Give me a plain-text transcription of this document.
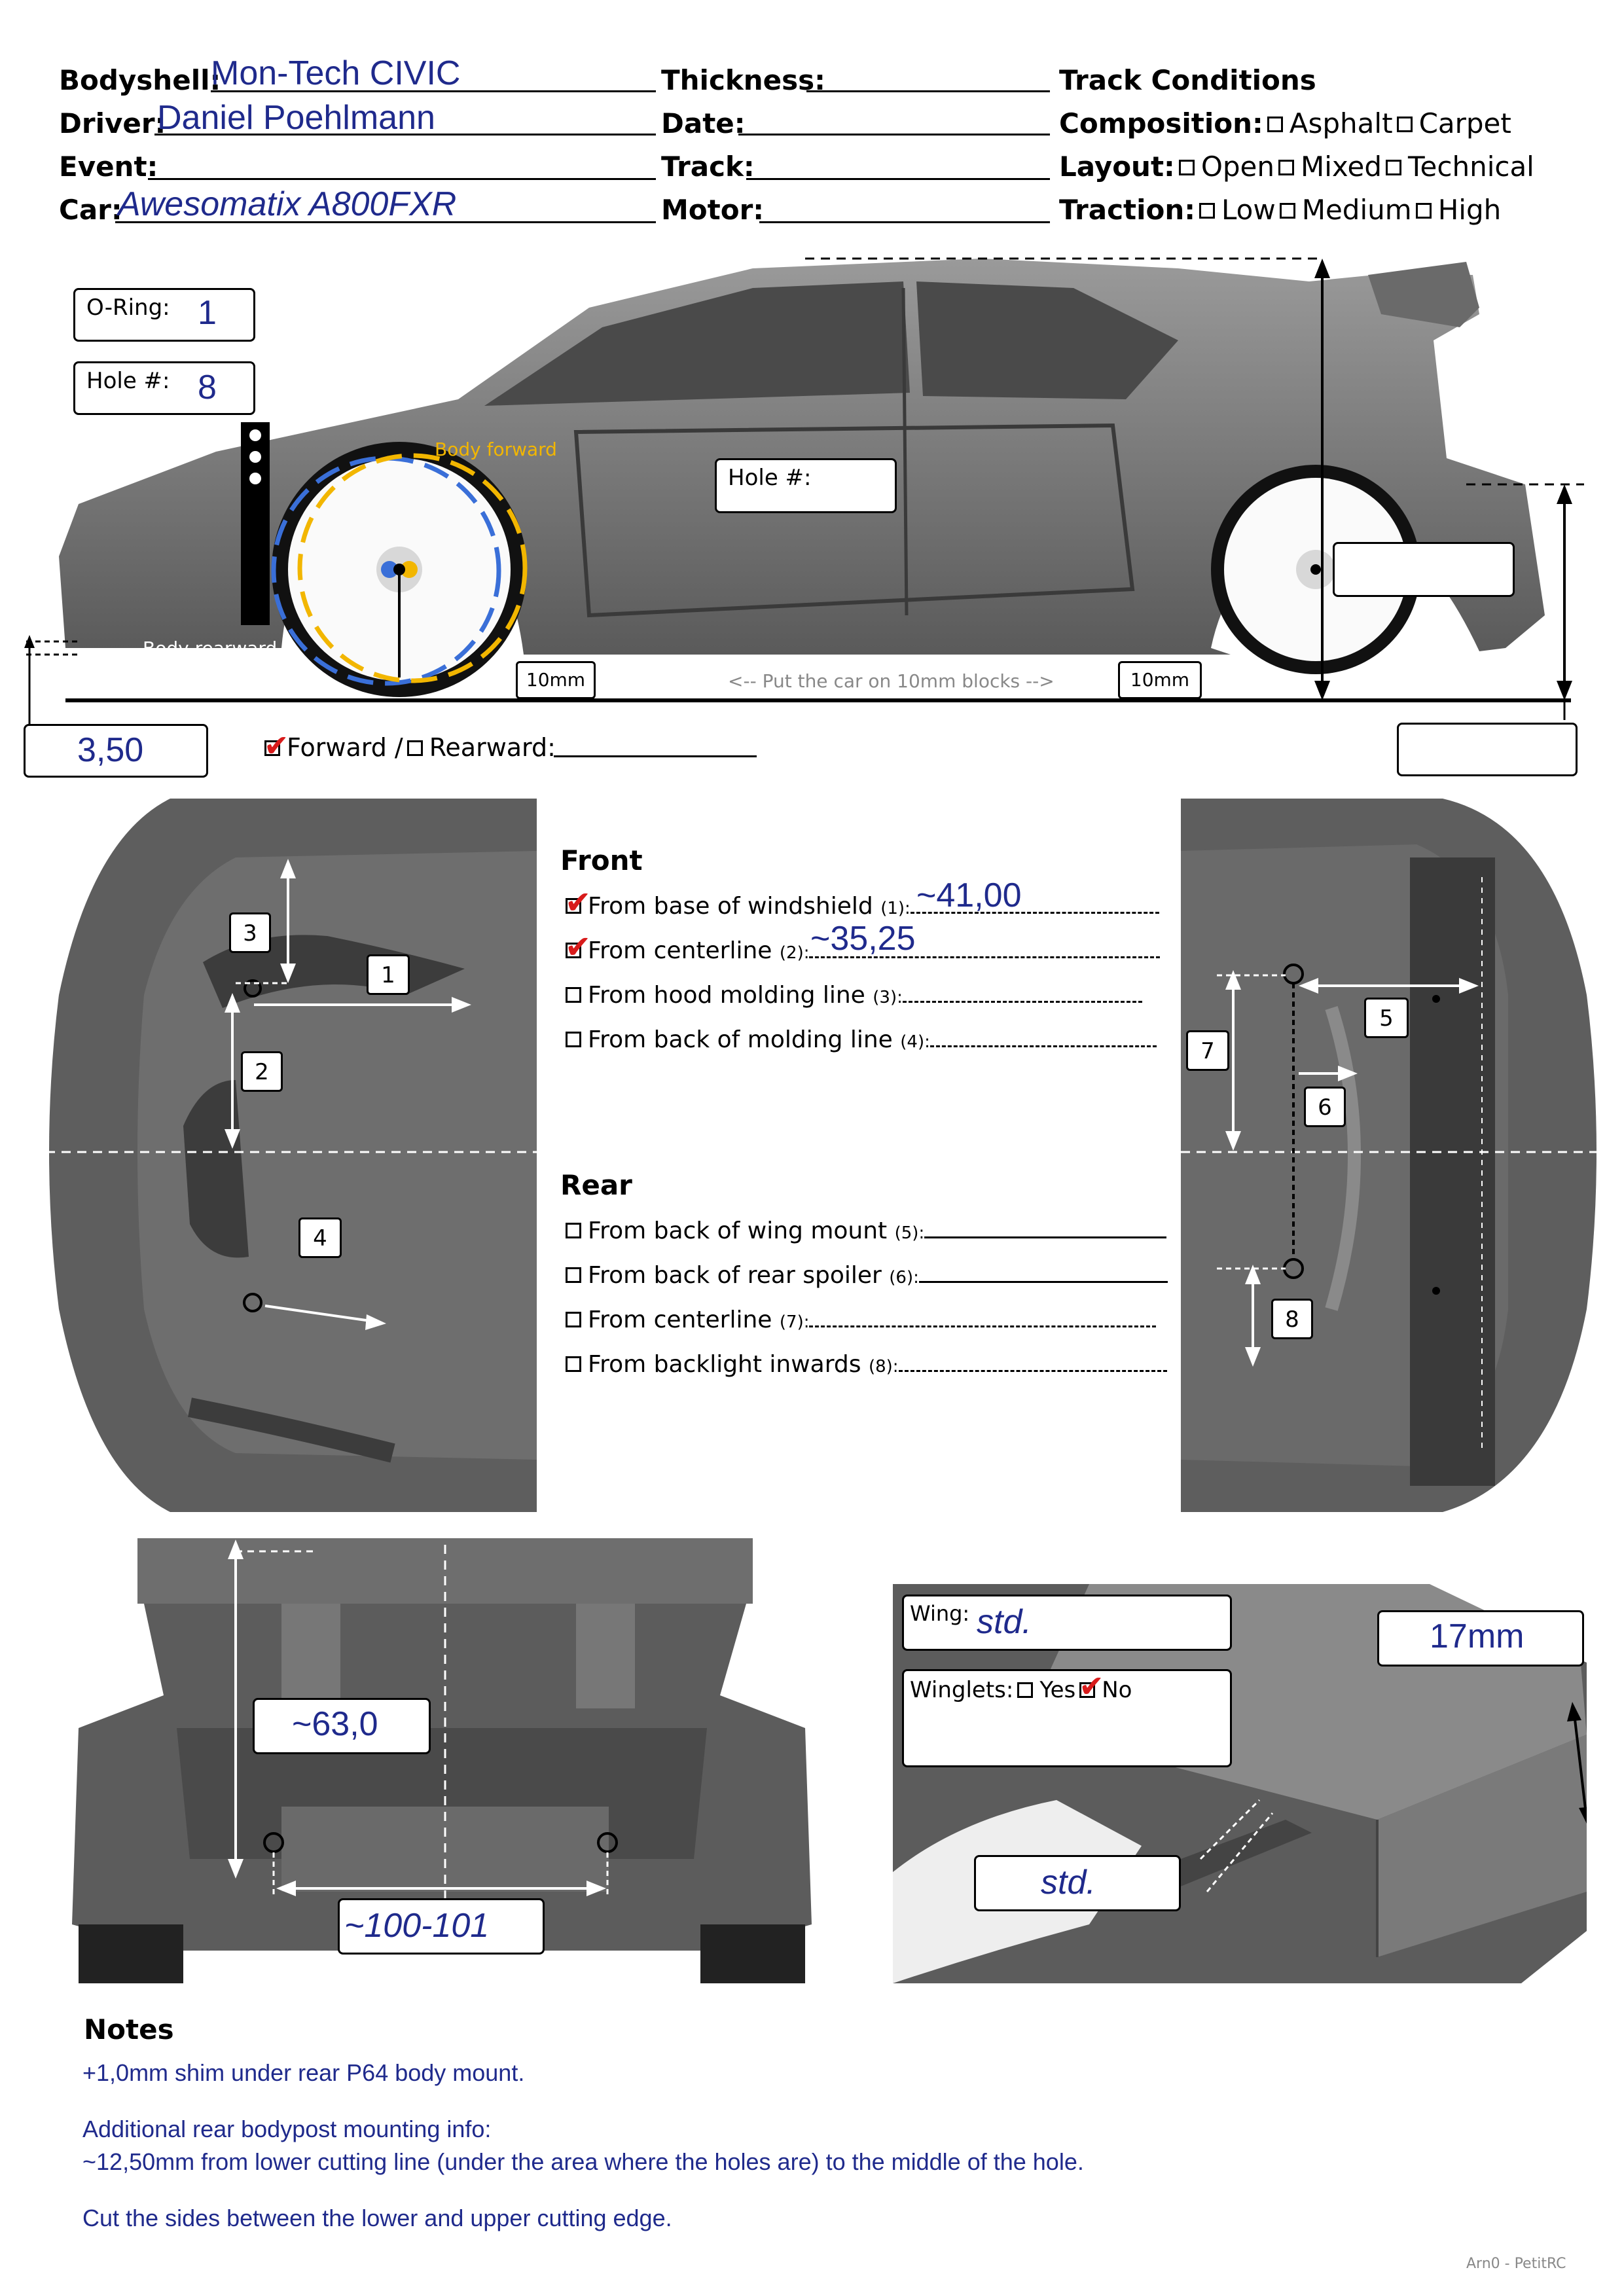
Bodyshell:
Mon-Tech CIVIC
Driver:
Daniel Poehlmann
Event:
Car:
Awesomatix A800FXR
Thickness:
Date:
Track:
Motor:
Track Conditions
Composition: Asphalt Carpet
Layout: Open Mixed Technical
Traction: Low Medium High
O-Ring: 1
Hole #: 8
Hole #:
Body forward
Body rearward
10mm	10mm
<-- Put the car on 10mm blocks -->
3,50	✔
Forward / Rearward:
3
1
2
4
5
6
7
8
Front
✔
From base of windshield (1): ~41,00
✔
From centerline (2): ~35,25
From hood molding line (3):
From back of molding line (4):
Rear
From back of wing mount (5):
From back of rear spoiler (6):
From centerline (7):
From backlight inwards (8):
~63,0
~100-101
Wing: std.
Winglets: Yes ✔
No
17mm
std.
Notes
+1,0mm shim under rear P64 body mount.
Additional rear bodypost mounting info:
~12,50mm from lower cutting line (under the area where the holes are) to the middle of the hole.
Cut the sides between the lower and upper cutting edge.
Arn0 - PetitRC
